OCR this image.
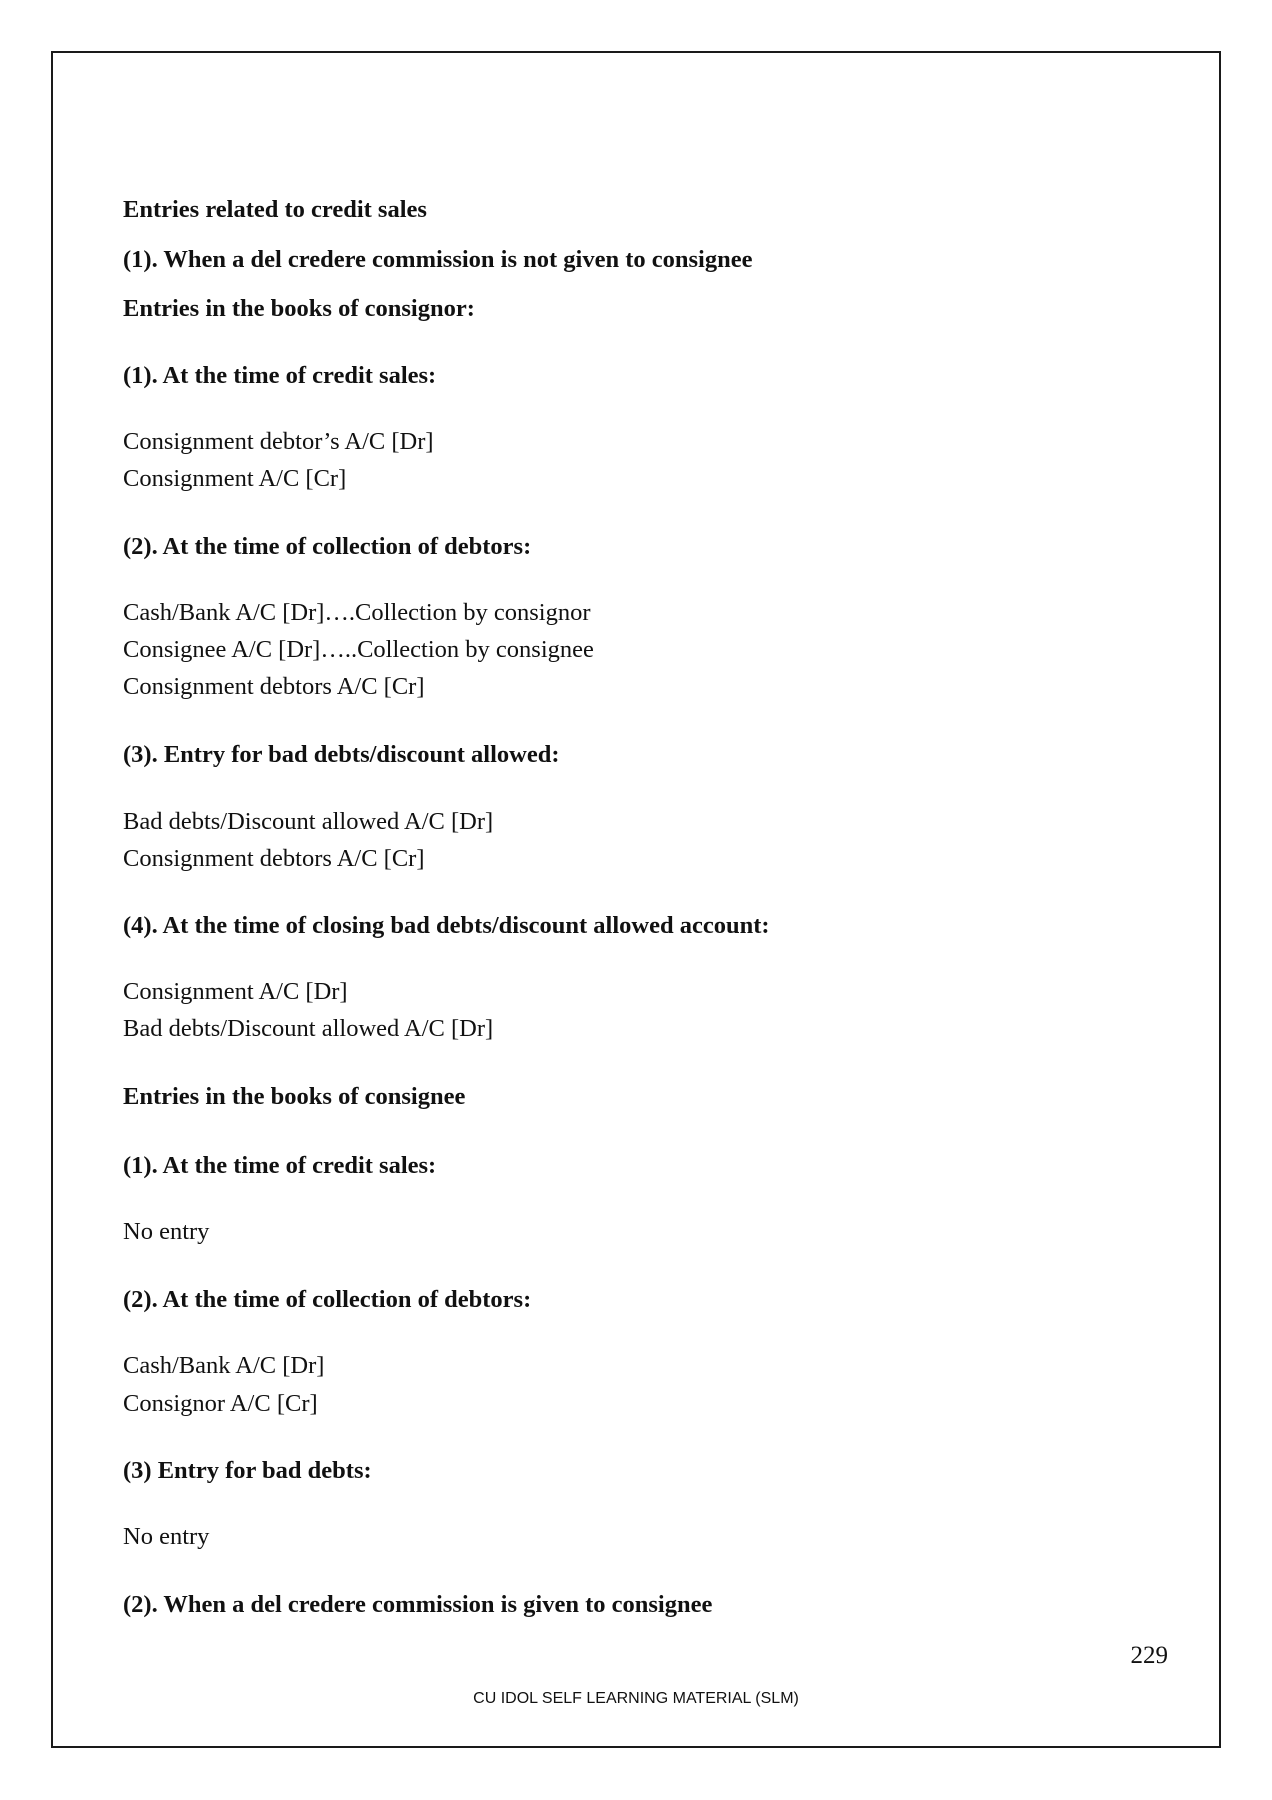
Entries related to credit sales
(1). When a del credere commission is not given to consignee
Entries in the books of consignor:
(1). At the time of credit sales:
Consignment debtor’s A/C [Dr]
Consignment A/C [Cr]
(2). At the time of collection of debtors:
Cash/Bank A/C [Dr]….Collection by consignor
Consignee A/C [Dr]…..Collection by consignee
Consignment debtors A/C [Cr]
(3). Entry for bad debts/discount allowed:
Bad debts/Discount allowed A/C [Dr]
Consignment debtors A/C [Cr]
(4). At the time of closing bad debts/discount allowed account:
Consignment A/C [Dr]
Bad debts/Discount allowed A/C [Dr]
Entries in the books of consignee
(1). At the time of credit sales:
No entry
(2). At the time of collection of debtors:
Cash/Bank A/C [Dr]
Consignor A/C [Cr]
(3) Entry for bad debts:
No entry
(2). When a del credere commission is given to consignee
229
CU IDOL SELF LEARNING MATERIAL (SLM)
